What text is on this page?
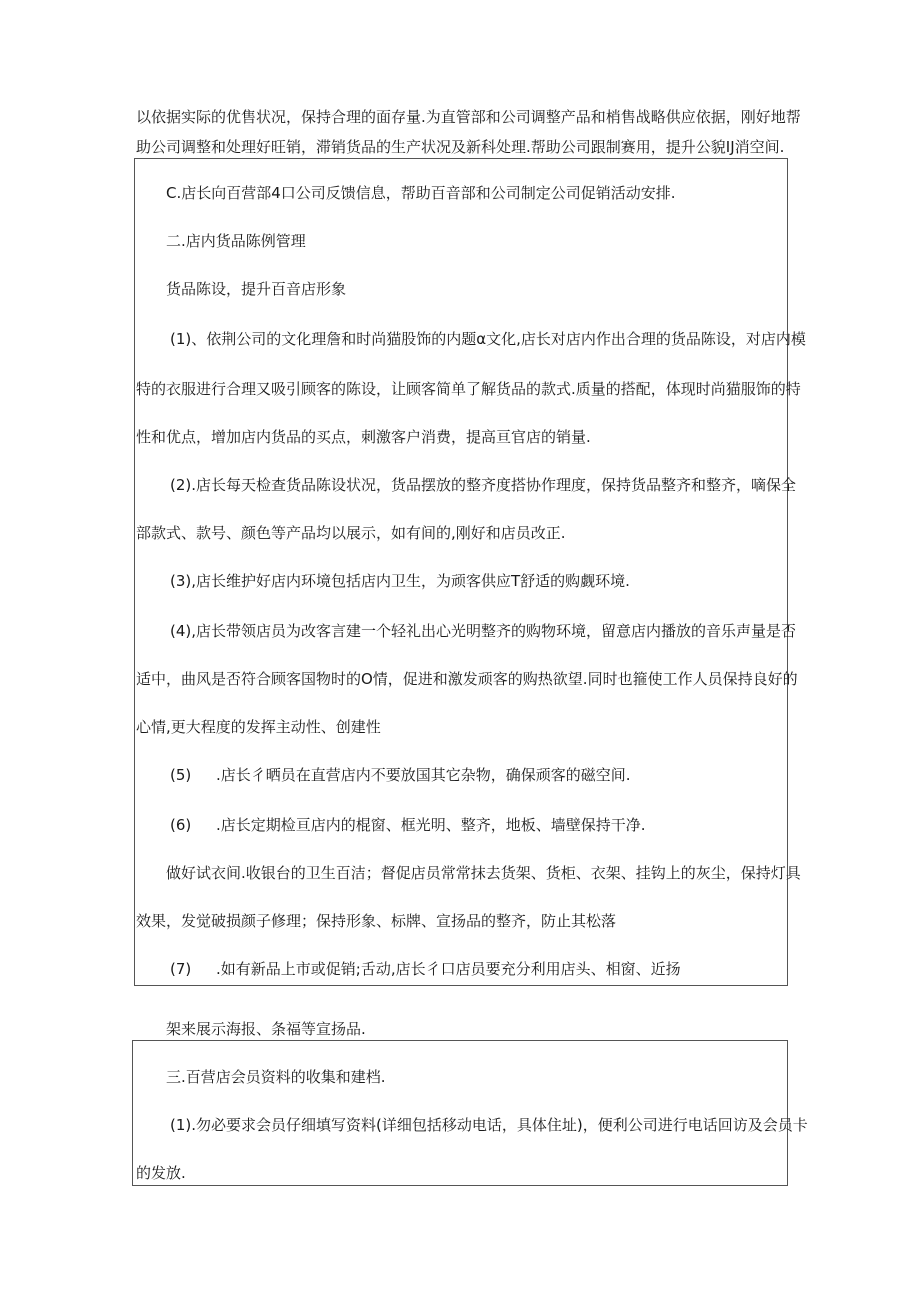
以依据实际的优售状况，保持合理的面存量.为直管部和公司调整产品和梢售战略供应依据，刚好地帮
助公司调整和处理好旺销，滞销货品的生产状况及新科处理.帮助公司跟制赛用，提升公貌IJ消空间.
C.店长向百营部4口公司反馈信息，帮助百音部和公司制定公司促销活动安排.
二.店内货品陈例管理
货品陈设，提升百音店形象
(1)、依荆公司的文化理詹和时尚猫股饰的内题α文化,店长对店内作出合理的货品陈设，对店内模
特的衣服进行合理又吸引顾客的陈设，让顾客简单了解货品的款式.质量的搭配，体现时尚猫服饰的特
性和优点，增加店内货品的买点，刺激客户消费，提高亘官店的销量.
(2).店长每天检查货品陈设状况，货品摆放的整齐度搭协作理度，保持货品整齐和整齐，嘀保全
部款式、款号、颜色等产品均以展示，如有间的,刚好和店员改正.
(3),店长维护好店内环境包括店内卫生，为顽客供应T舒适的购觑环境.
(4),店长带领店员为改客言建一个轻礼出心光明整齐的购物环境，留意店内播放的音乐声量是否
适中，曲风是否符合顾客国物时的O情，促进和激发顽客的购热欲望.同时也箍使工作人员保持良好的
心情,更大程度的发挥主动性、创建性
(5) .店长彳晒员在直营店内不要放国其它杂物，确保顽客的磁空间.
(6) .店长定期检亘店内的棍窗、框光明、整齐，地板、墙壁保持干净.
做好试衣间.收银台的卫生百洁；督促店员常常抹去货架、货柜、衣架、挂钩上的灰尘，保持灯具
效果，发觉破损颜子修理；保持形象、标牌、宣扬品的整齐，防止其松落
(7) .如有新品上市或促销;舌动,店长彳口店员要充分利用店头、相窗、近扬
架来展示海报、条福等宣扬品.
三.百营店会员资料的收集和建档.
(1).勿必要求会员仔细填写资料(详细包括移动电话，具体住址)，便利公司进行电话回访及会员卡
的发放.
